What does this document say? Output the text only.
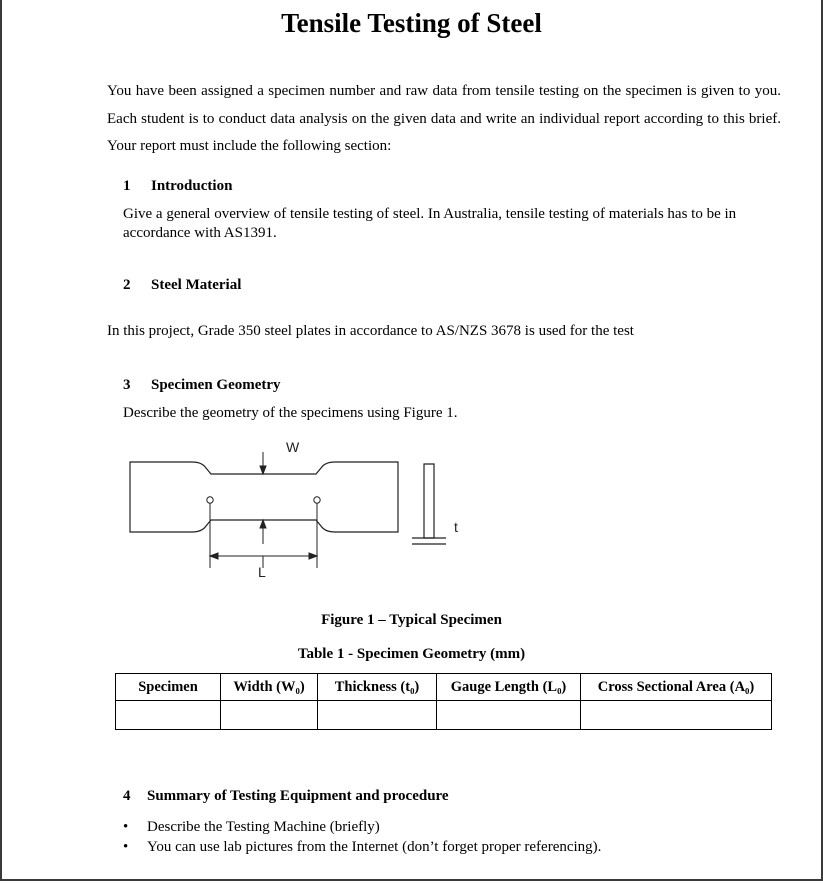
Tensile Testing of Steel
You have been assigned a specimen number and raw data from tensile testing on the specimen is given to you. Each student is to conduct data analysis on the given data and write an individual report according to this brief. Your report must include the following section:
1 Introduction
Give a general overview of tensile testing of steel. In Australia, tensile testing of materials has to be in accordance with AS1391.
2 Steel Material
In this project, Grade 350 steel plates in accordance to AS/NZS 3678 is used for the test
3 Specimen Geometry
Describe the geometry of the specimens using Figure 1.
W
L
t
Figure 1 – Typical Specimen
Table 1 - Specimen Geometry (mm)
Specimen	Width (W₀)	Thickness (t₀)	Gauge Length (L₀)	Cross Sectional Area (A₀)

4 Summary of Testing Equipment and procedure
• Describe the Testing Machine (briefly)
• You can use lab pictures from the Internet (don’t forget proper referencing).
